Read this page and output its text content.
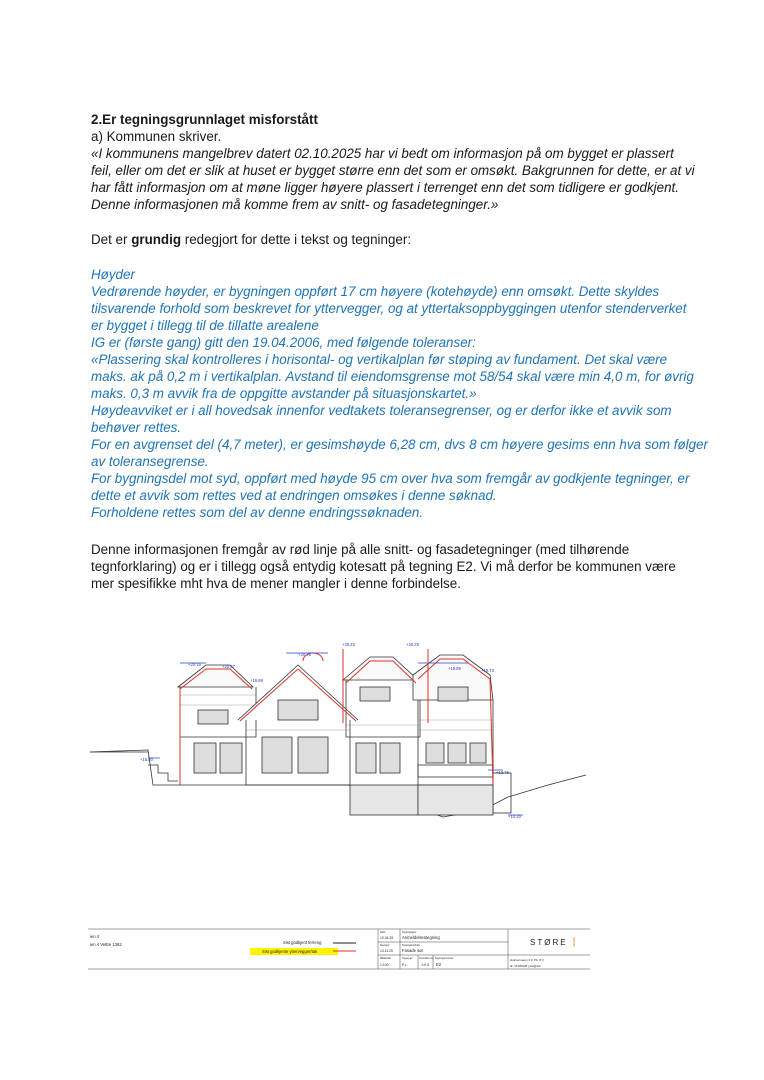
2.Er tegningsgrunnlaget misforstått
a) Kommunen skriver.
«I kommunens mangelbrev datert 02.10.2025 har vi bedt om informasjon på om bygget er plassert
feil, eller om det er slik at huset er bygget større enn det som er omsøkt. Bakgrunnen for dette, er at vi
har fått informasjon om at møne ligger høyere plassert i terrenget enn det som tidligere er godkjent.
Denne informasjonen må komme frem av snitt- og fasadetegninger.»
Det er grundig redegjort for dette i tekst og tegninger:
Høyder
Vedrørende høyder, er bygningen oppført 17 cm høyere (kotehøyde) enn omsøkt. Dette skyldes
tilsvarende forhold som beskrevet for yttervegger, og at yttertaksoppbyggingen utenfor stenderverket
er bygget i tillegg til de tillatte arealene
IG er (første gang) gitt den 19.04.2006, med følgende toleranser:
«Plassering skal kontrolleres i horisontal- og vertikalplan før støping av fundament. Det skal være
maks. ak på 0,2 m i vertikalplan. Avstand til eiendomsgrense mot 58/54 skal være min 4,0 m, for øvrig
maks. 0,3 m avvik fra de oppgitte avstander på situasjonskartet.»
Høydeavviket er i all hovedsak innenfor vedtakets toleransegrenser, og er derfor ikke et avvik som
behøver rettes.
For en avgrenset del (4,7 meter), er gesimshøyde 6,28 cm, dvs 8 cm høyere gesims enn hva som følger
av toleransegrense.
For bygningsdel mot syd, oppført med høyde 95 cm over hva som fremgår av godkjente tegninger, er
dette et avvik som rettes ved at endringen omsøkes i denne søknad.
Forholdene rettes som del av denne endringssøknaden.
Denne informasjonen fremgår av rød linje på alle snitt- og fasadetegninger (med tilhørende
tegnforklaring) og er i tillegg også entydig kotesatt på tegning E2. Vi må derfor be kommunen være
mer spesifikke mht hva de mener mangler i denne forbindelse.
+25.45	+25.25
+20.76
+20.16
+19.89	+19.73
+20.07
+19.89
+15.80
+13.76
+10.20
ien 4
ien 4 Vettre 1392	Sist godkjent terreng
Sist godkjente yttervegger/tak
Dato:
10.04.25
Revisjon:
14.11.25
Målestokk:
1:100
Tegningstype:
Anmeldelsestegning
Tegningsinnhold:
Fasade sør
Tegnet av:
P.L.
Kontrollert av:
J.H.S
Tegningsnummer:
E2
STØRE
Holmenveien 3 F, Pb. 8 V
tlf: 47420028 post@sto
